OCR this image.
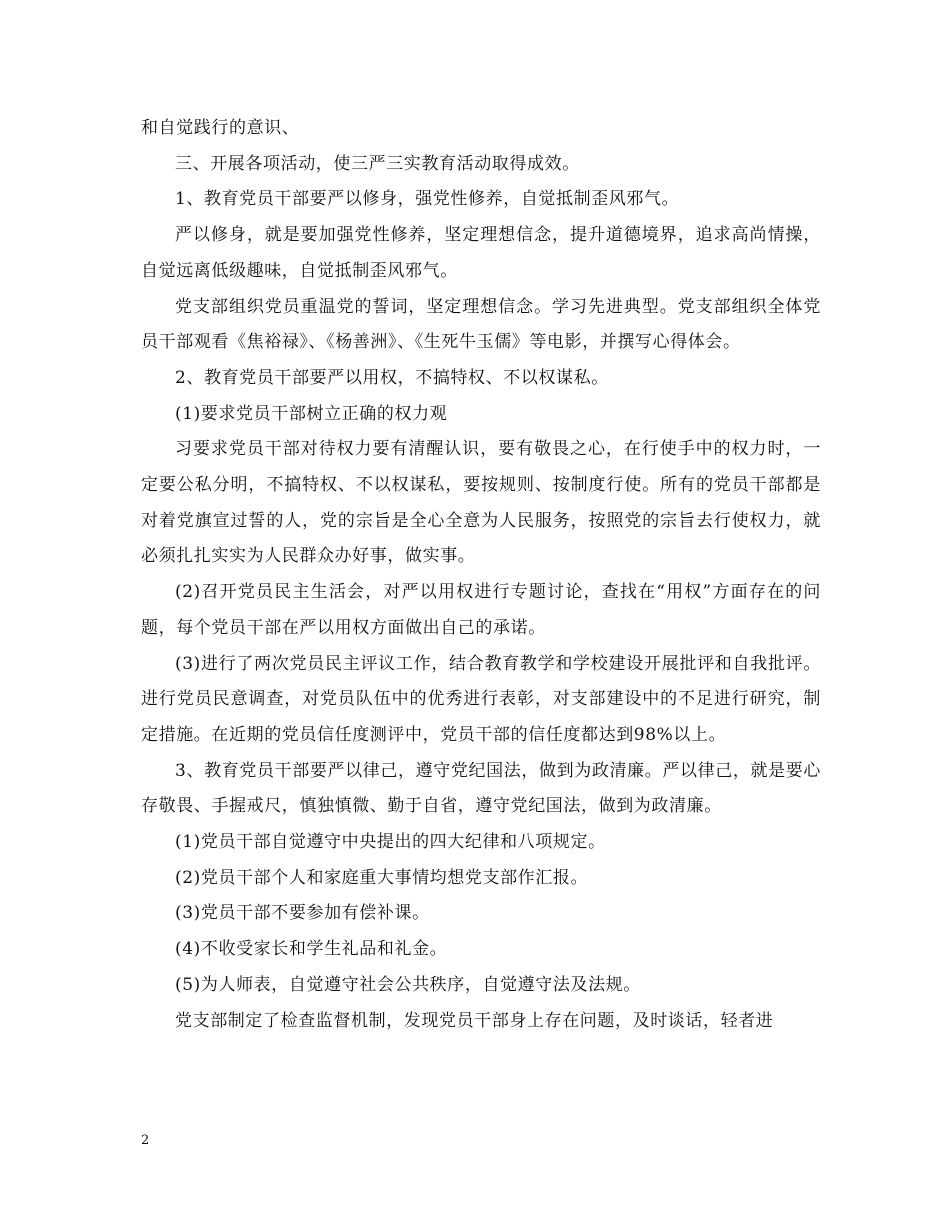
和自觉践行的意识、

三、开展各项活动，使三严三实教育活动取得成效。

1、教育党员干部要严以修身，强党性修养，自觉抵制歪风邪气。

严以修身，就是要加强党性修养，坚定理想信念，提升道德境界，追求高尚情操，自觉远离低级趣味，自觉抵制歪风邪气。

党支部组织党员重温党的誓词，坚定理想信念。学习先进典型。党支部组织全体党员干部观看《焦裕禄》、《杨善洲》、《生死牛玉儒》等电影，并撰写心得体会。

2、教育党员干部要严以用权，不搞特权、不以权谋私。

(1)要求党员干部树立正确的权力观

习要求党员干部对待权力要有清醒认识，要有敬畏之心，在行使手中的权力时，一定要公私分明，不搞特权、不以权谋私，要按规则、按制度行使。所有的党员干部都是对着党旗宣过誓的人，党的宗旨是全心全意为人民服务，按照党的宗旨去行使权力，就必须扎扎实实为人民群众办好事，做实事。

(2)召开党员民主生活会，对严以用权进行专题讨论，查找在“用权”方面存在的问题，每个党员干部在严以用权方面做出自己的承诺。

(3)进行了两次党员民主评议工作，结合教育教学和学校建设开展批评和自我批评。进行党员民意调查，对党员队伍中的优秀进行表彰，对支部建设中的不足进行研究，制定措施。在近期的党员信任度测评中，党员干部的信任度都达到98%以上。

3、教育党员干部要严以律己，遵守党纪国法，做到为政清廉。严以律己，就是要心存敬畏、手握戒尺，慎独慎微、勤于自省，遵守党纪国法，做到为政清廉。

(1)党员干部自觉遵守中央提出的四大纪律和八项规定。

(2)党员干部个人和家庭重大事情均想党支部作汇报。

(3)党员干部不要参加有偿补课。

(4)不收受家长和学生礼品和礼金。

(5)为人师表，自觉遵守社会公共秩序，自觉遵守法及法规。

党支部制定了检查监督机制，发现党员干部身上存在问题，及时谈话，轻者进

2
